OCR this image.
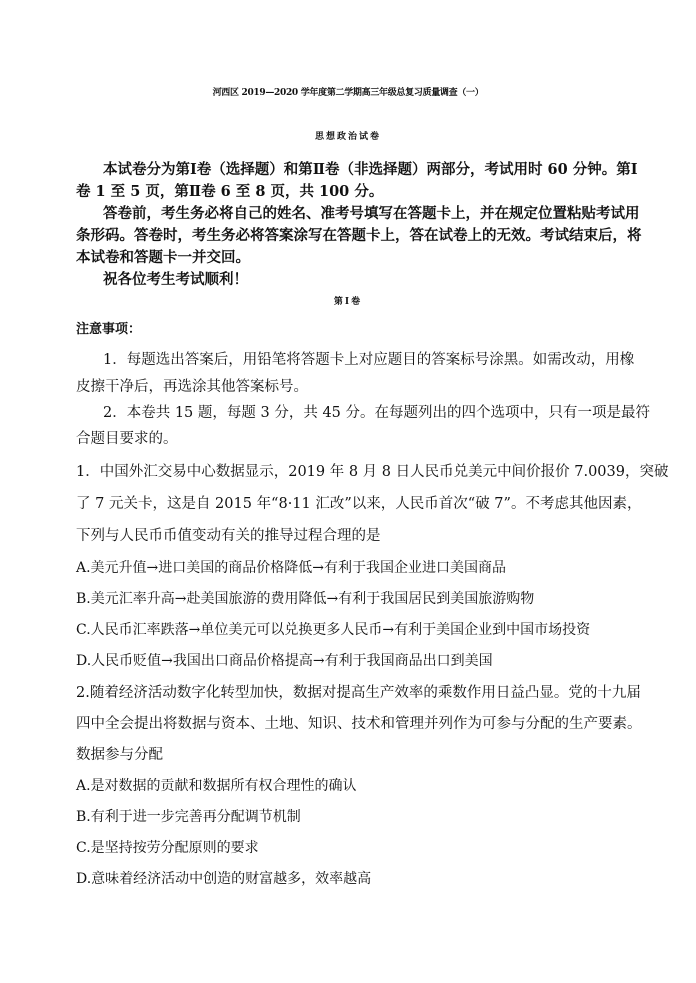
河西区 2019—2020 学年度第二学期高三年级总复习质量调查（一）
思想政治试卷
本试卷分为第Ⅰ卷（选择题）和第Ⅱ卷（非选择题）两部分，考试用时 60 分钟。第Ⅰ
卷 1 至 5 页，第Ⅱ卷 6 至 8 页，共 100 分。
答卷前，考生务必将自己的姓名、准考号填写在答题卡上，并在规定位置粘贴考试用
条形码。答卷时，考生务必将答案涂写在答题卡上，答在试卷上的无效。考试结束后，将
本试卷和答题卡一并交回。
祝各位考生考试顺利！
第Ⅰ卷
注意事项：
1．每题选出答案后，用铅笔将答题卡上对应题目的答案标号涂黑。如需改动，用橡
皮擦干净后，再选涂其他答案标号。
2．本卷共 15 题，每题 3 分，共 45 分。在每题列出的四个选项中，只有一项是最符
合题目要求的。
1．中国外汇交易中心数据显示，2019 年 8 月 8 日人民币兑美元中间价报价 7.0039，突破
了 7 元关卡，这是自 2015 年“8·11 汇改”以来，人民币首次“破 7”。不考虑其他因素，
下列与人民币币值变动有关的推导过程合理的是
A.美元升值→进口美国的商品价格降低→有利于我国企业进口美国商品
B.美元汇率升高→赴美国旅游的费用降低→有利于我国居民到美国旅游购物
C.人民币汇率跌落→单位美元可以兑换更多人民币→有利于美国企业到中国市场投资
D.人民币贬值→我国出口商品价格提高→有利于我国商品出口到美国
2.随着经济活动数字化转型加快，数据对提高生产效率的乘数作用日益凸显。党的十九届
四中全会提出将数据与资本、土地、知识、技术和管理并列作为可参与分配的生产要素。
数据参与分配
A.是对数据的贡献和数据所有权合理性的确认
B.有利于进一步完善再分配调节机制
C.是坚持按劳分配原则的要求
D.意味着经济活动中创造的财富越多，效率越高
